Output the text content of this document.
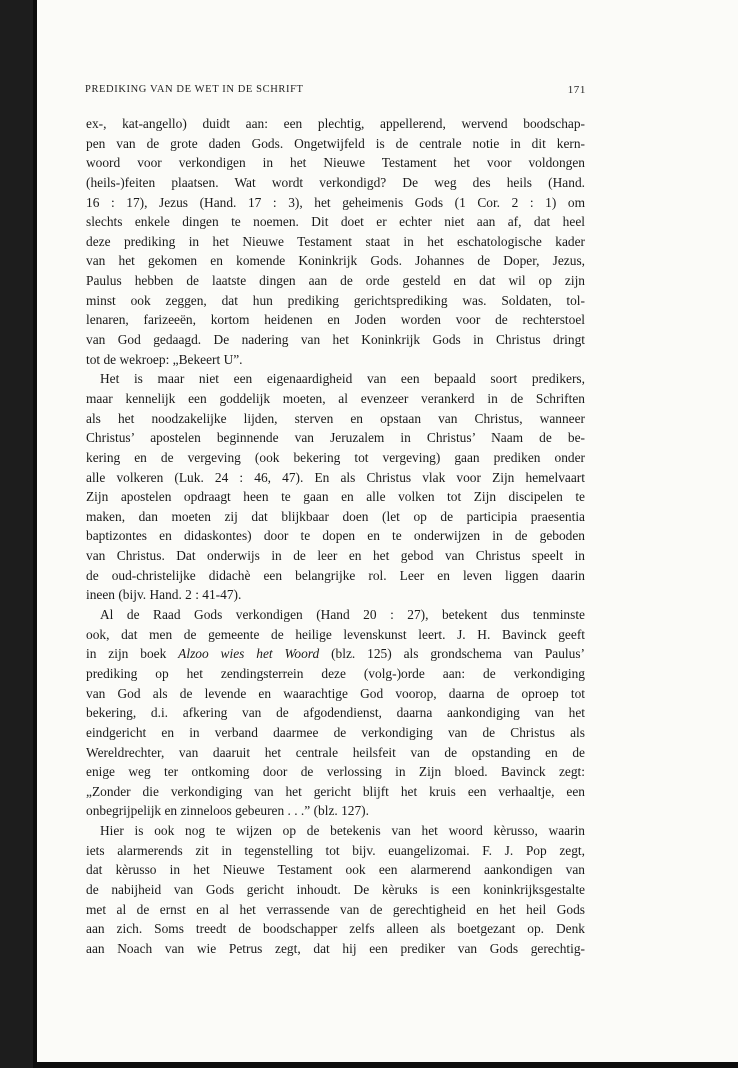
PREDIKING VAN DE WET IN DE SCHRIFT	171
ex-, kat-angello) duidt aan: een plechtig, appellerend, wervend boodschap-
pen van de grote daden Gods. Ongetwijfeld is de centrale notie in dit kern-
woord voor verkondigen in het Nieuwe Testament het voor voldongen
(heils-)feiten plaatsen. Wat wordt verkondigd? De weg des heils (Hand.
16 : 17), Jezus (Hand. 17 : 3), het geheimenis Gods (1 Cor. 2 : 1) om
slechts enkele dingen te noemen. Dit doet er echter niet aan af, dat heel
deze prediking in het Nieuwe Testament staat in het eschatologische kader
van het gekomen en komende Koninkrijk Gods. Johannes de Doper, Jezus,
Paulus hebben de laatste dingen aan de orde gesteld en dat wil op zijn
minst ook zeggen, dat hun prediking gerichtsprediking was. Soldaten, tol-
lenaren, farizeeën, kortom heidenen en Joden worden voor de rechterstoel
van God gedaagd. De nadering van het Koninkrijk Gods in Christus dringt
tot de wekroep: „Bekeert U”.
Het is maar niet een eigenaardigheid van een bepaald soort predikers,
maar kennelijk een goddelijk moeten, al evenzeer verankerd in de Schriften
als het noodzakelijke lijden, sterven en opstaan van Christus, wanneer
Christus’ apostelen beginnende van Jeruzalem in Christus’ Naam de be-
kering en de vergeving (ook bekering tot vergeving) gaan prediken onder
alle volkeren (Luk. 24 : 46, 47). En als Christus vlak voor Zijn hemelvaart
Zijn apostelen opdraagt heen te gaan en alle volken tot Zijn discipelen te
maken, dan moeten zij dat blijkbaar doen (let op de participia praesentia
baptizontes en didaskontes) door te dopen en te onderwijzen in de geboden
van Christus. Dat onderwijs in de leer en het gebod van Christus speelt in
de oud-christelijke didachè een belangrijke rol. Leer en leven liggen daarin
ineen (bijv. Hand. 2 : 41-47).
Al de Raad Gods verkondigen (Hand 20 : 27), betekent dus tenminste
ook, dat men de gemeente de heilige levenskunst leert. J. H. Bavinck geeft
in zijn boek Alzoo wies het Woord (blz. 125) als grondschema van Paulus’
prediking op het zendingsterrein deze (volg-)orde aan: de verkondiging
van God als de levende en waarachtige God voorop, daarna de oproep tot
bekering, d.i. afkering van de afgodendienst, daarna aankondiging van het
eindgericht en in verband daarmee de verkondiging van de Christus als
Wereldrechter, van daaruit het centrale heilsfeit van de opstanding en de
enige weg ter ontkoming door de verlossing in Zijn bloed. Bavinck zegt:
„Zonder die verkondiging van het gericht blijft het kruis een verhaaltje, een
onbegrijpelijk en zinneloos gebeuren . . .” (blz. 127).
Hier is ook nog te wijzen op de betekenis van het woord kèrusso, waarin
iets alarmerends zit in tegenstelling tot bijv. euangelizomai. F. J. Pop zegt,
dat kèrusso in het Nieuwe Testament ook een alarmerend aankondigen van
de nabijheid van Gods gericht inhoudt. De kèruks is een koninkrijksgestalte
met al de ernst en al het verrassende van de gerechtigheid en het heil Gods
aan zich. Soms treedt de boodschapper zelfs alleen als boetgezant op. Denk
aan Noach van wie Petrus zegt, dat hij een prediker van Gods gerechtig-
